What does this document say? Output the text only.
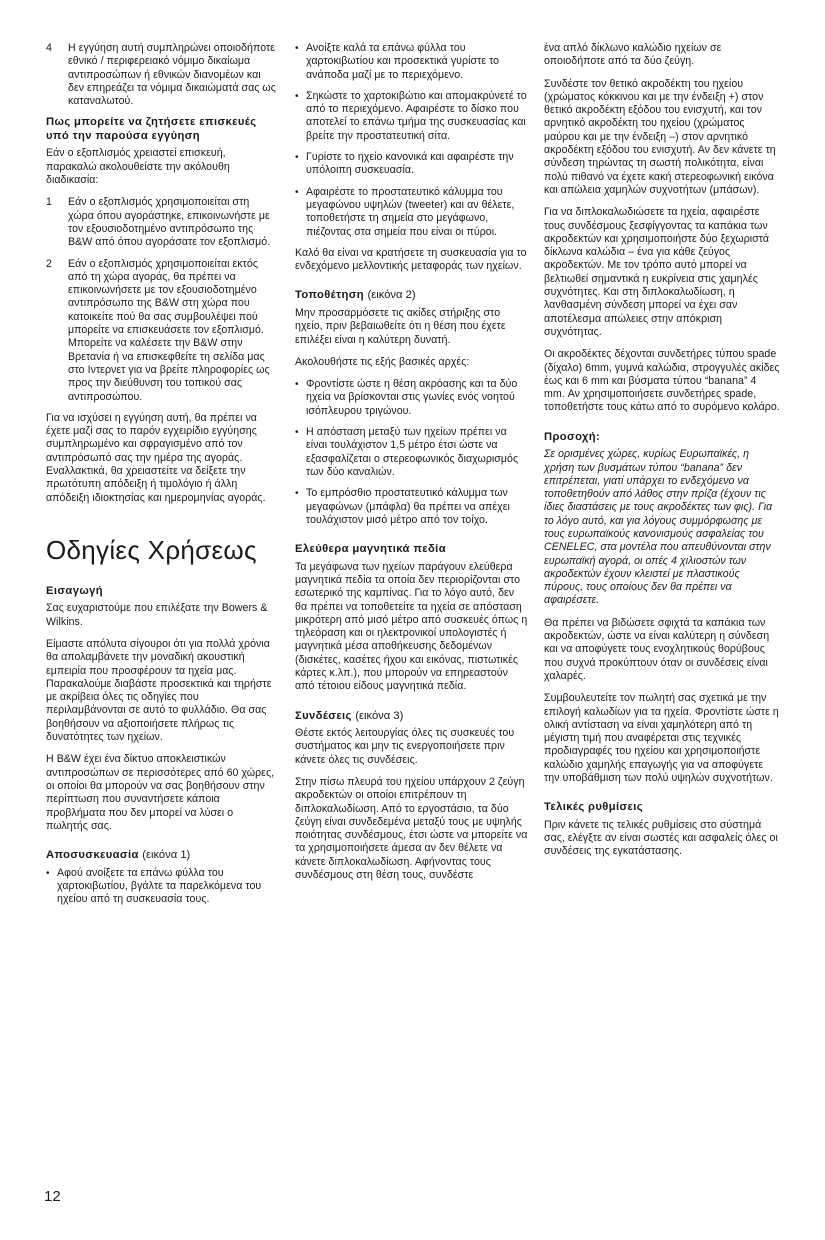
4	Η εγγύηση αυτή συμπληρώνει οποιοδήποτε εθνικό / περιφερειακό νόμιμο δικαίωμα αντιπροσώπων ή εθνικών διανομέων και δεν επηρεάζει τα νόμιμα δικαιώματά σας ως καταναλωτού.
Πως μπορείτε να ζητήσετε επισκευές υπό την παρούσα εγγύηση

Εάν ο εξοπλισμός χρειαστεί επισκευή, παρακαλώ ακολουθείστε την ακόλουθη διαδικασία:

1	Εάν ο εξοπλισμός χρησιμοποιείται στη χώρα όπου αγοράστηκε, επικοινωνήστε με τον εξουσιοδοτημένο αντιπρόσωπο της B&W από όπου αγοράσατε τον εξοπλισμό.
2	Εάν ο εξοπλισμός χρησιμοποιείται εκτός από τη χώρα αγοράς, θα πρέπει να επικοινωνήσετε με τον εξουσιοδοτημένο αντιπρόσωπο της B&W στη χώρα που κατοικείτε πού θα σας συμβουλέψει πού μπορείτε να επισκευάσετε τον εξοπλισμό. Μπορείτε να καλέσετε την B&W στην Βρετανία ή να επισκεφθείτε τη σελίδα μας στο Ιντερνετ για να βρείτε πληροφορίες ως προς την διεύθυνση του τοπικού σας αντιπροσώπου.

Για να ισχύσει η εγγύηση αυτή, θα πρέπει να έχετε μαζί σας το παρόν εγχειρίδιο εγγύησης συμπληρωμένο και σφραγισμένο από τον αντιπρόσωπό σας την ημέρα της αγοράς. Εναλλακτικά, θα χρειαστείτε να δείξετε την πρωτότυπη απόδειξη ή τιμολόγιο ή άλλη απόδειξη ιδιοκτησίας και ημερομηνίας αγοράς.

Οδηγίες Χρήσεως
Εισαγωγή

Σας ευχαριστούμε που επιλέξατε την Bowers & Wilkins.

Είμαστε απόλυτα σίγουροι ότι για πολλά χρόνια θα απολαμβάνετε την μοναδική ακουστική εμπειρία που προσφέρουν τα ηχεία μας. Παρακαλούμε διαβάστε προσεκτικά και τηρήστε με ακρίβεια όλες τις οδηγίες που περιλαμβάνονται σε αυτό το φυλλάδιο. Θα σας βοηθήσουν να αξιοποιήσετε πλήρως τις δυνατότητες των ηχείων.

Η B&W έχει ένα δίκτυο αποκλειστικών αντιπροσώπων σε περισσότερες από 60 χώρες, οι οποίοι θα μπορούν να σας βοηθήσουν στην περίπτωση που συναντήσετε κάποια προβλήματα που δεν μπορεί να λύσει ο πωλητής σας.

Αποσυσκευασία (εικόνα 1)
• Αφού ανοίξετε τα επάνω φύλλα του χαρτοκιβωτίου, βγάλτε τα παρελκόμενα του ηχείου από τη συσκευασία τους.
• Ανοίξτε καλά τα επάνω φύλλα του χαρτοκιβωτίου και προσεκτικά γυρίστε το ανάποδα μαζί με το περιεχόμενο.
• Σηκώστε το χαρτοκιβώτιο και απομακρύνετέ το από το περιεχόμενο. Αφαιρέστε το δίσκο που αποτελεί το επάνω τμήμα της συσκευασίας και βρείτε την προστατευτική σίτα.
• Γυρίστε το ηχείο κανονικά και αφαιρέστε την υπόλοιπη συσκευασία.
• Αφαιρέστε το προστατευτικό κάλυμμα του μεγαφώνου υψηλών (tweeter) και αν θέλετε, τοποθετήστε τη σημεία στο μεγάφωνο, πιέζοντας στα σημεία που είναι οι πύροι.

Καλό θα είναι να κρατήσετε τη συσκευασία για το ενδεχόμενο μελλοντικής μεταφοράς των ηχείων.

Τοποθέτηση (εικόνα 2)

Μην προσαρμόσετε τις ακίδες στήριξης στο ηχείο, πριν βεβαιωθείτε ότι η θέση που έχετε επιλέξει είναι η καλύτερη δυνατή.

Ακολουθήστε τις εξής βασικές αρχές:

• Φροντίστε ώστε η θέση ακρόασης και τα δύο ηχεία να βρίσκονται στις γωνίες ενός νοητού ισόπλευρου τριγώνου.
• Η απόσταση μεταξύ των ηχείων πρέπει να είναι τουλάχιστον 1,5 μέτρο έτσι ώστε να εξασφαλίζεται ο στερεοφωνικός διαχωρισμός των δύο καναλιών.
• Το εμπρόσθιο προστατευτικό κάλυμμα των μεγαφώνων (μπάφλα) θα πρέπει να απέχει τουλάχιστον μισό μέτρο από τον τοίχο.
Ελεύθερα μαγνητικά πεδία

Τα μεγάφωνα των ηχείων παράγουν ελεύθερα μαγνητικά πεδία τα οποία δεν περιορίζονται στο εσωτερικό της καμπίνας. Για το λόγο αυτό, δεν θα πρέπει να τοποθετείτε τα ηχεία σε απόσταση μικρότερη από μισό μέτρο από συσκευές όπως η τηλεόραση και οι ηλεκτρονικοί υπολογιστές ή μαγνητικά μέσα αποθήκευσης δεδομένων (δισκέτες, κασέτες ήχου και εικόνας, πιστωτικές κάρτες κ.λπ.), που μπορούν να επηρεαστούν από τέτοιου είδους μαγνητικά πεδία.

Συνδέσεις (εικόνα 3)

Θέστε εκτός λειτουργίας όλες τις συσκευές του συστήματος και μην τις ενεργοποιήσετε πριν κάνετε όλες τις συνδέσεις.

Στην πίσω πλευρά του ηχείου υπάρχουν 2 ζεύγη ακροδεκτών οι οποίοι επιτρέπουν τη διπλοκαλωδίωση. Από το εργοστάσιο, τα δύο ζεύγη είναι συνδεδεμένα μεταξύ τους με υψηλής ποιότητας συνδέσμους, έτσι ώστε να μπορείτε να τα χρησιμοποιήσετε άμεσα αν δεν θέλετε να κάνετε διπλοκαλωδίωση. Αφήνοντας τους συνδέσμους στη θέση τους, συνδέστε

ένα απλό δίκλωνο καλώδιο ηχείων σε οποιοδήποτε από τα δύο ζεύγη.

Συνδέστε τον θετικό ακροδέκτη του ηχείου (χρώματος κόκκινου και με την ένδειξη +) στον θετικό ακροδέκτη εξόδου του ενισχυτή, και τον αρνητικό ακροδέκτη του ηχείου (χρώματος μαύρου και με την ένδειξη –) στον αρνητικό ακροδέκτη εξόδου του ενισχυτή. Αν δεν κάνετε τη σύνδεση τηρώντας τη σωστή πολικότητα, είναι πολύ πιθανό να έχετε κακή στερεοφωνική εικόνα και απώλεια χαμηλών συχνοτήτων (μπάσων).

Για να διπλοκαλωδιώσετε τα ηχεία, αφαιρέστε τους συνδέσμους ξεσφίγγοντας τα καπάκια των ακροδεκτών και χρησιμοποιήστε δύο ξεχωριστά δίκλωνα καλώδια – ένα για κάθε ζεύγος ακροδεκτών. Με τον τρόπο αυτό μπορεί να βελτιωθεί σημαντικά η ευκρίνεια στις χαμηλές συχνότητες. Και στη διπλοκαλωδίωση, η λανθασμένη σύνδεση μπορεί να έχει σαν αποτέλεσμα απώλειες στην απόκριση συχνότητας.

Οι ακροδέκτες δέχονται συνδετήρες τύπου spade (δίχαλο) 6mm, γυμνά καλώδια, στρογγυλές ακίδες έως και 6 mm και βύσματα τύπου “banana” 4 mm. Αν χρησιμοποιήσετε συνδετήρες spade, τοποθετήστε τους κάτω από το συρόμενο κολάρο.

Προσοχή:

Σε ορισμένες χώρες, κυρίως Ευρωπαϊκές, η χρήση των βυσμάτων τύπου “banana” δεν επιτρέπεται, γιατί υπάρχει το ενδεχόμενο να τοποθετηθούν από λάθος στην πρίζα (έχουν τις ίδιες διαστάσεις με τους ακροδέκτες των φις). Για το λόγο αυτό, και για λόγους συμμόρφωσης με τους ευρωπαϊκούς κανονισμούς ασφαλείας του CENELEC, στα μοντέλα που απευθύνονται στην ευρωπαϊκή αγορά, οι οπές 4 χιλιοστών των ακροδεκτών έχουν κλειστεί με πλαστικούς πύρους, τους οποίους δεν θα πρέπει να αφαιρέσετε.

Θα πρέπει να βιδώσετε σφιχτά τα καπάκια των ακροδεκτών, ώστε να είναι καλύτερη η σύνδεση και να αποφύγετε τους ενοχλητικούς θορύβους που συχνά προκύπτουν όταν οι συνδέσεις είναι χαλαρές.

Συμβουλευτείτε τον πωλητή σας σχετικά με την επιλογή καλωδίων για τα ηχεία. Φροντίστε ώστε η ολική αντίσταση να είναι χαμηλότερη από τη μέγιστη τιμή που αναφέρεται στις τεχνικές προδιαγραφές του ηχείου και χρησιμοποιήστε καλώδιο χαμηλής επαγωγής για να αποφύγετε την υποβάθμιση των πολύ υψηλών συχνοτήτων.

Τελικές ρυθμίσεις

Πριν κάνετε τις τελικές ρυθμίσεις στο σύστημά σας, ελέγξτε αν είναι σωστές και ασφαλείς όλες οι συνδέσεις της εγκατάστασης.

12
